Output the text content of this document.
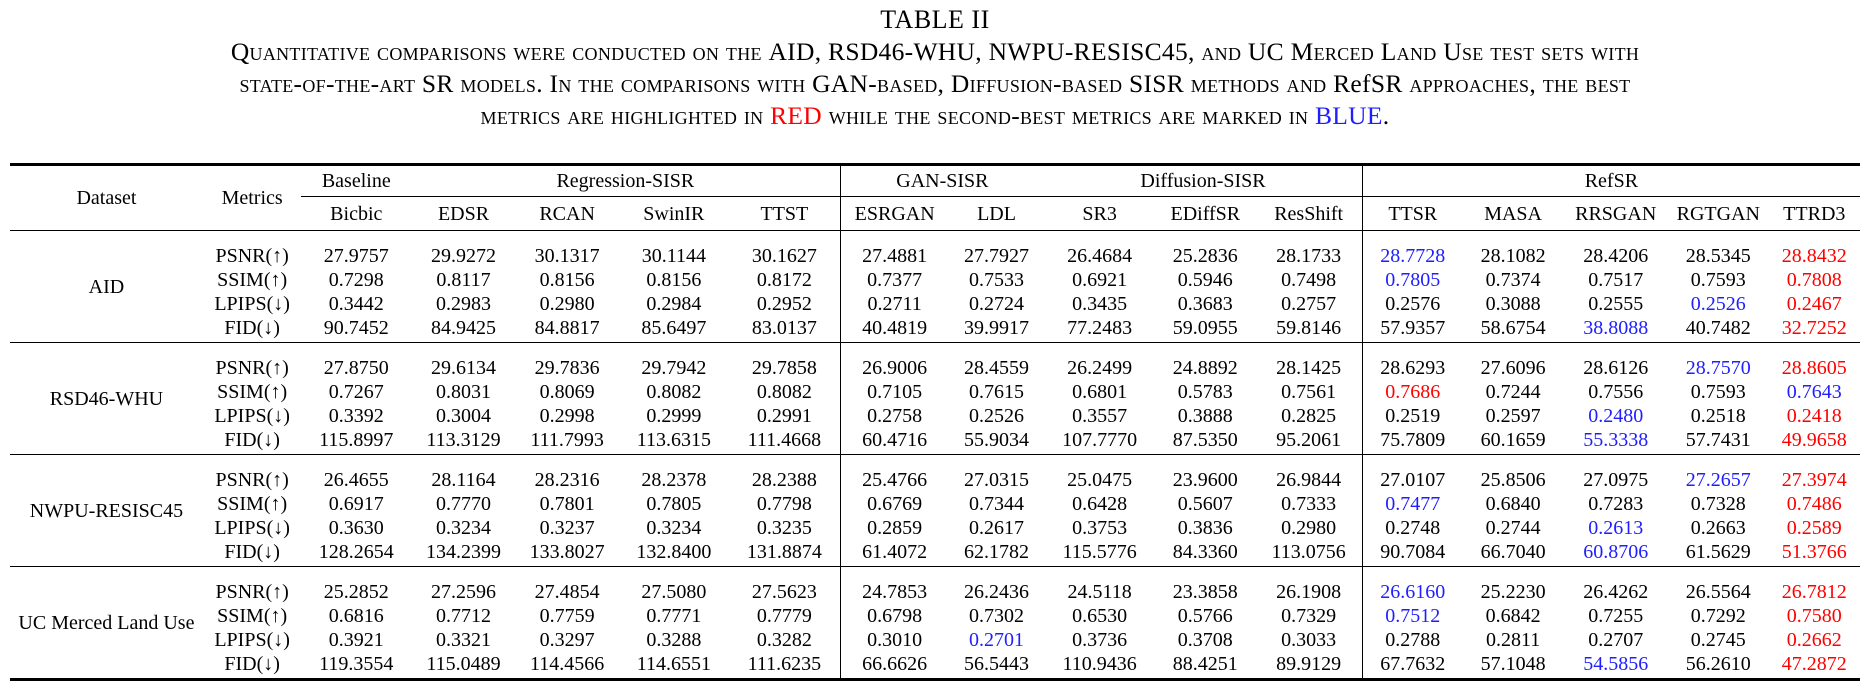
TABLE II
Quantitative comparisons were conducted on the AID, RSD46-WHU, NWPU-RESISC45, and UC Merced Land Use test sets with
state-of-the-art SR models. In the comparisons with GAN-based, Diffusion-based SISR methods and RefSR approaches, the best
metrics are highlighted in RED while the second-best metrics are marked in BLUE.
Dataset	Metrics	Baseline	Regression-SISR				GAN-SISR		Diffusion-SISR			RefSR				
		Bicbic	EDSR	RCAN	SwinIR	TTST	ESRGAN	LDL	SR3	EDiffSR	ResShift	TTSR	MASA	RRSGAN	RGTGAN	TTRD3
AID	PSNR(↑)	27.9757	29.9272	30.1317	30.1144	30.1627	27.4881	27.7927	26.4684	25.2836	28.1733	28.7728	28.1082	28.4206	28.5345	28.8432
	SSIM(↑)	0.7298	0.8117	0.8156	0.8156	0.8172	0.7377	0.7533	0.6921	0.5946	0.7498	0.7805	0.7374	0.7517	0.7593	0.7808
	LPIPS(↓)	0.3442	0.2983	0.2980	0.2984	0.2952	0.2711	0.2724	0.3435	0.3683	0.2757	0.2576	0.3088	0.2555	0.2526	0.2467
	FID(↓)	90.7452	84.9425	84.8817	85.6497	83.0137	40.4819	39.9917	77.2483	59.0955	59.8146	57.9357	58.6754	38.8088	40.7482	32.7252
RSD46-WHU	PSNR(↑)	27.8750	29.6134	29.7836	29.7942	29.7858	26.9006	28.4559	26.2499	24.8892	28.1425	28.6293	27.6096	28.6126	28.7570	28.8605
	SSIM(↑)	0.7267	0.8031	0.8069	0.8082	0.8082	0.7105	0.7615	0.6801	0.5783	0.7561	0.7686	0.7244	0.7556	0.7593	0.7643
	LPIPS(↓)	0.3392	0.3004	0.2998	0.2999	0.2991	0.2758	0.2526	0.3557	0.3888	0.2825	0.2519	0.2597	0.2480	0.2518	0.2418
	FID(↓)	115.8997	113.3129	111.7993	113.6315	111.4668	60.4716	55.9034	107.7770	87.5350	95.2061	75.7809	60.1659	55.3338	57.7431	49.9658
NWPU-RESISC45	PSNR(↑)	26.4655	28.1164	28.2316	28.2378	28.2388	25.4766	27.0315	25.0475	23.9600	26.9844	27.0107	25.8506	27.0975	27.2657	27.3974
	SSIM(↑)	0.6917	0.7770	0.7801	0.7805	0.7798	0.6769	0.7344	0.6428	0.5607	0.7333	0.7477	0.6840	0.7283	0.7328	0.7486
	LPIPS(↓)	0.3630	0.3234	0.3237	0.3234	0.3235	0.2859	0.2617	0.3753	0.3836	0.2980	0.2748	0.2744	0.2613	0.2663	0.2589
	FID(↓)	128.2654	134.2399	133.8027	132.8400	131.8874	61.4072	62.1782	115.5776	84.3360	113.0756	90.7084	66.7040	60.8706	61.5629	51.3766
UC Merced Land Use	PSNR(↑)	25.2852	27.2596	27.4854	27.5080	27.5623	24.7853	26.2436	24.5118	23.3858	26.1908	26.6160	25.2230	26.4262	26.5564	26.7812
	SSIM(↑)	0.6816	0.7712	0.7759	0.7771	0.7779	0.6798	0.7302	0.6530	0.5766	0.7329	0.7512	0.6842	0.7255	0.7292	0.7580
	LPIPS(↓)	0.3921	0.3321	0.3297	0.3288	0.3282	0.3010	0.2701	0.3736	0.3708	0.3033	0.2788	0.2811	0.2707	0.2745	0.2662
	FID(↓)	119.3554	115.0489	114.4566	114.6551	111.6235	66.6626	56.5443	110.9436	88.4251	89.9129	67.7632	57.1048	54.5856	56.2610	47.2872
